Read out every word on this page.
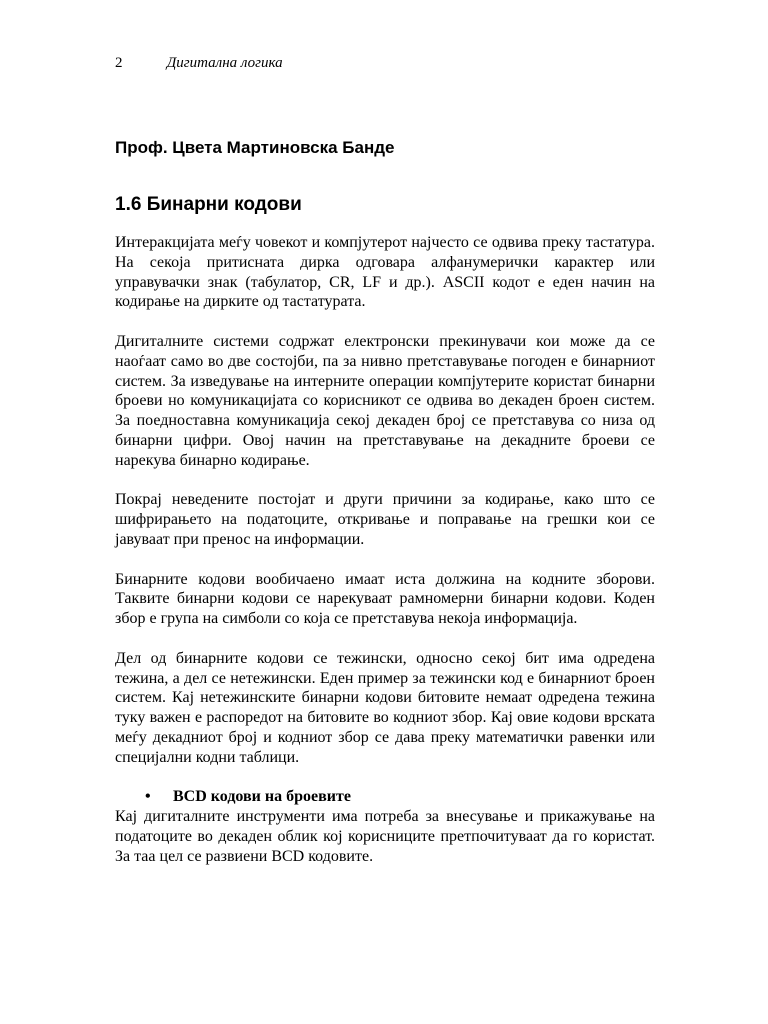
2	Дигитална логика
Проф. Цвета Мартиновска Банде
1.6 Бинарни кодови

Интеракцијата меѓу човекот и компјутерот најчесто се одвива преку тастатура. На секоја притисната дирка одговара алфанумерички карактер или управувачки знак (табулатор, CR, LF и др.). ASCII кодот е еден начин на кодирање на дирките од тастатурата.

Дигиталните системи содржат електронски прекинувачи кои може да се наоѓаат само во две состојби, па за нивно претставување погоден е бинарниот систем. За изведување на интерните операции компјутерите користат бинарни броеви но комуникацијата со корисникот се одвива во декаден броен систем. За поедноставна комуникација секој декаден број се претставува со низа од бинарни цифри. Овој начин на претставување на декадните броеви се нарекува бинарно кодирање.

Покрај неведените постојат и други причини за кодирање, како што се шифрирањето на податоците, откривање и поправање на грешки кои се јавуваат при пренос на информации.

Бинарните кодови вообичаено имаат иста должина на кодните зборови. Таквите бинарни кодови се нарекуваат рамномерни бинарни кодови. Коден збор е група на симболи со која се претставува некоја информација.

Дел од бинарните кодови се тежински, односно секој бит има одредена тежина, а дел се нетежински. Еден пример за тежински код е бинарниот броен систем. Кај нетежинските бинарни кодови битовите немаат одредена тежина туку важен е распоредот на битовите во кодниот збор. Кај овие кодови врската меѓу декадниот број и кодниот збор се дава преку математички равенки или специјални кодни таблици.

• BCD кодови на броевите

Кај дигиталните инструменти има потреба за внесување и прикажување на податоците во декаден облик кој корисниците претпочитуваат да го користат. За таа цел се развиени BCD кодовите.
